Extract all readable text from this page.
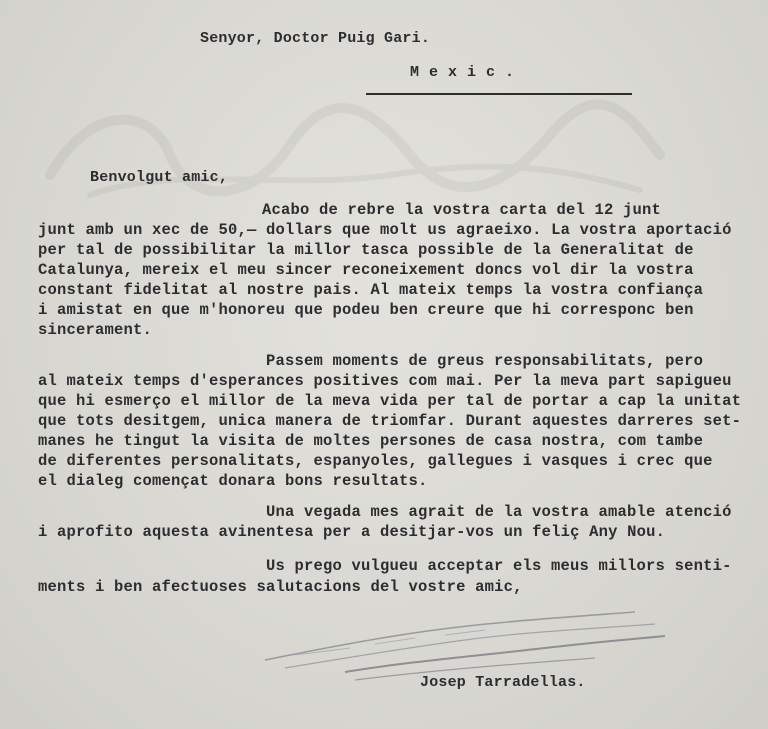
Senyor, Doctor Puig Gari.
Mexic.
Benvolgut amic,
Acabo de rebre la vostra carta del 12 junt
junt amb un xec de 50,— dollars que molt us agraeixo. La vostra aportació
per tal de possibilitar la millor tasca possible de la Generalitat de
Catalunya, mereix el meu sincer reconeixement doncs vol dir la vostra
constant fidelitat al nostre pais. Al mateix temps la vostra confiança
i amistat en que m'honoreu que podeu ben creure que hi corresponc ben
sincerament.
Passem moments de greus responsabilitats, pero
al mateix temps d'esperances positives com mai. Per la meva part sapigueu
que hi esmerço el millor de la meva vida per tal de portar a cap la unitat
que tots desitgem, unica manera de triomfar. Durant aquestes darreres set-
manes he tingut la visita de moltes persones de casa nostra, com tambe
de diferentes personalitats, espanyoles, gallegues i vasques i crec que
el dialeg començat donara bons resultats.
Una vegada mes agrait de la vostra amable atenció
i aprofito aquesta avinentesa per a desitjar-vos un feliç Any Nou.
Us prego vulgueu acceptar els meus millors senti-
ments i ben afectuoses salutacions del vostre amic,
Josep Tarradellas.
